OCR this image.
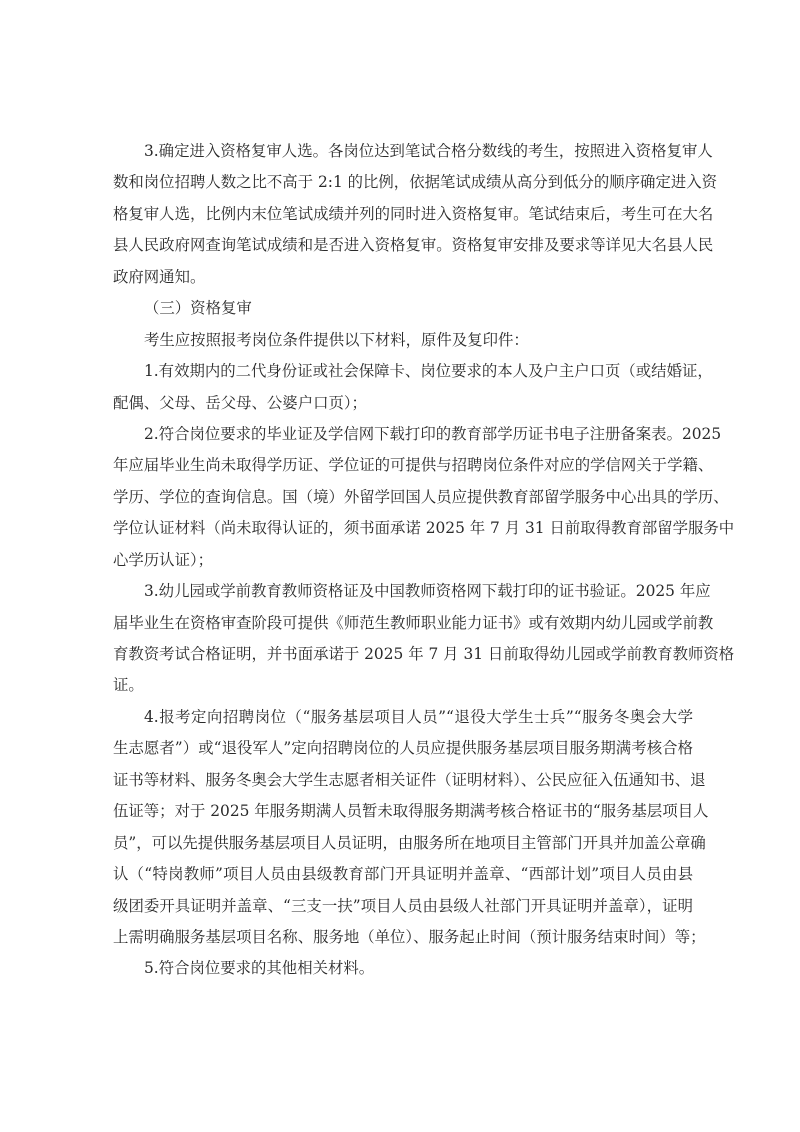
3.确定进入资格复审人选。各岗位达到笔试合格分数线的考生，按照进入资格复审人
数和岗位招聘人数之比不高于 2:1 的比例，依据笔试成绩从高分到低分的顺序确定进入资
格复审人选，比例内末位笔试成绩并列的同时进入资格复审。笔试结束后，考生可在大名
县人民政府网查询笔试成绩和是否进入资格复审。资格复审安排及要求等详见大名县人民
政府网通知。
（三）资格复审
考生应按照报考岗位条件提供以下材料，原件及复印件：
1.有效期内的二代身份证或社会保障卡、岗位要求的本人及户主户口页（或结婚证，
配偶、父母、岳父母、公婆户口页）；
2.符合岗位要求的毕业证及学信网下载打印的教育部学历证书电子注册备案表。2025
年应届毕业生尚未取得学历证、学位证的可提供与招聘岗位条件对应的学信网关于学籍、
学历、学位的查询信息。国（境）外留学回国人员应提供教育部留学服务中心出具的学历、
学位认证材料（尚未取得认证的，须书面承诺 2025 年 7 月 31 日前取得教育部留学服务中
心学历认证）；
3.幼儿园或学前教育教师资格证及中国教师资格网下载打印的证书验证。2025 年应
届毕业生在资格审查阶段可提供《师范生教师职业能力证书》或有效期内幼儿园或学前教
育教资考试合格证明，并书面承诺于 2025 年 7 月 31 日前取得幼儿园或学前教育教师资格
证。
4.报考定向招聘岗位（“服务基层项目人员”“退役大学生士兵”“服务冬奥会大学
生志愿者”）或“退役军人”定向招聘岗位的人员应提供服务基层项目服务期满考核合格
证书等材料、服务冬奥会大学生志愿者相关证件（证明材料）、公民应征入伍通知书、退
伍证等；对于 2025 年服务期满人员暂未取得服务期满考核合格证书的“服务基层项目人
员”，可以先提供服务基层项目人员证明，由服务所在地项目主管部门开具并加盖公章确
认（“特岗教师”项目人员由县级教育部门开具证明并盖章、“西部计划”项目人员由县
级团委开具证明并盖章、“三支一扶”项目人员由县级人社部门开具证明并盖章），证明
上需明确服务基层项目名称、服务地（单位）、服务起止时间（预计服务结束时间）等；
5.符合岗位要求的其他相关材料。
